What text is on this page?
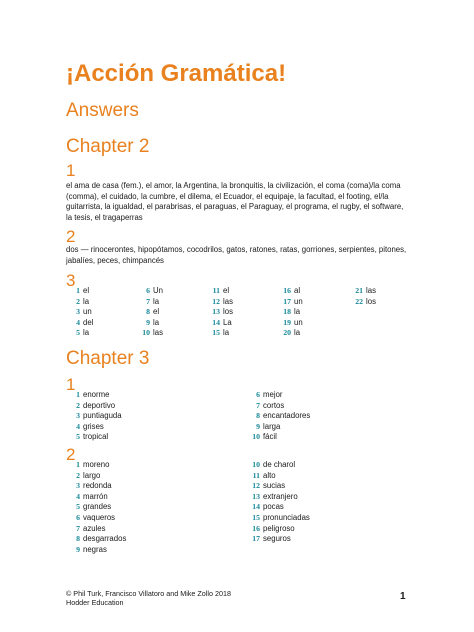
¡Acción Gramática!
Answers
Chapter 2
1
el ama de casa (fem.), el amor, la Argentina, la bronquitis, la civilización, el coma (coma)/la coma (comma), el cuidado, la cumbre, el dilema, el Ecuador, el equipaje, la facultad, el footing, el/la guitarrista, la igualdad, el parabrisas, el paraguas, el Paraguay, el programa, el rugby, el software, la tesis, el tragaperras
2
dos — rinocerontes, hipopótamos, cocodrilos, gatos, ratones, ratas, gorriones, serpientes, pitones, jabalíes, peces, chimpancés
3
1 el
2 la
3 un
4 del
5 la
6 Un
7 la
8 el
9 la
10 las
11 el
12 las
13 los
14 La
15 la
16 al
17 un
18 la
19 un
20 la
21 las
22 los
Chapter 3
1
1 enorme
2 deportivo
3 puntiaguda
4 grises
5 tropical
6 mejor
7 cortos
8 encantadores
9 larga
10 fácil
2
1 moreno
2 largo
3 redonda
4 marrón
5 grandes
6 vaqueros
7 azules
8 desgarrados
9 negras
10 de charol
11 alto
12 sucias
13 extranjero
14 pocas
15 pronunciadas
16 peligroso
17 seguros
© Phil Turk, Francisco Villatoro and Mike Zollo 2018
Hodder Education
1
